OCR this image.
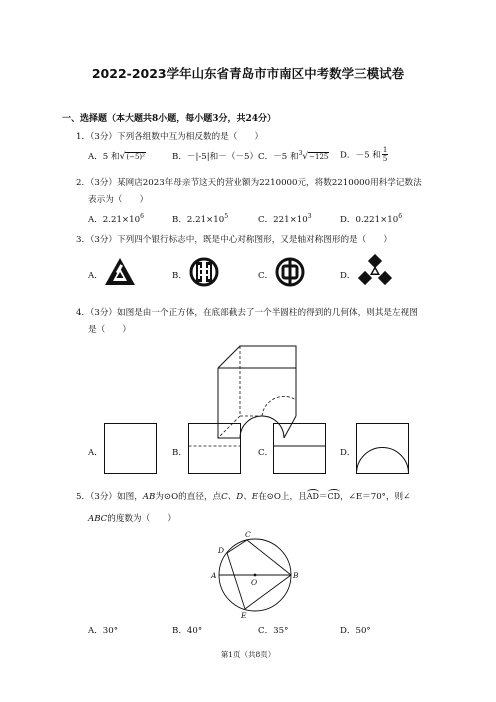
2022-2023学年山东省青岛市市南区中考数学三模试卷
一、选择题（本大题共8小题，每小题3分，共24分）
1．（3分）下列各组数中互为相反数的是（　　）
A．5 和√(−5)²	B．－|-5|和－（－5） C．－5 和$^3$√−125 D．－5 和 $\frac{1}{5}$
2．（3分）某网店2023年母亲节这天的营业额为2210000元，将数2210000用科学记数法
表示为（　　）
A．$2.21\times 10^6$	B．$2.21\times 10^5$	C．$221\times 10^3$	D．$0.221\times 10^6$
3．（3分）下列四个银行标志中，既是中心对称图形，又是轴对称图形的是（　　）
A．	B．	C．	D．
4．（3分）如图是由一个正方体，在底部截去了一个半圆柱的得到的几何体，则其是左视图
是（　　）
A．	B．	C．	D．
5．（3分）如图，AB为⊙O的直径，点C、D、E在⊙O上，且AD＝CD，∠E＝70°，则∠
ABC的度数为（　　）
A	B
C
D
E
O
A．30°	B．40°	C．35°	D．50°
第1页（共8页）
